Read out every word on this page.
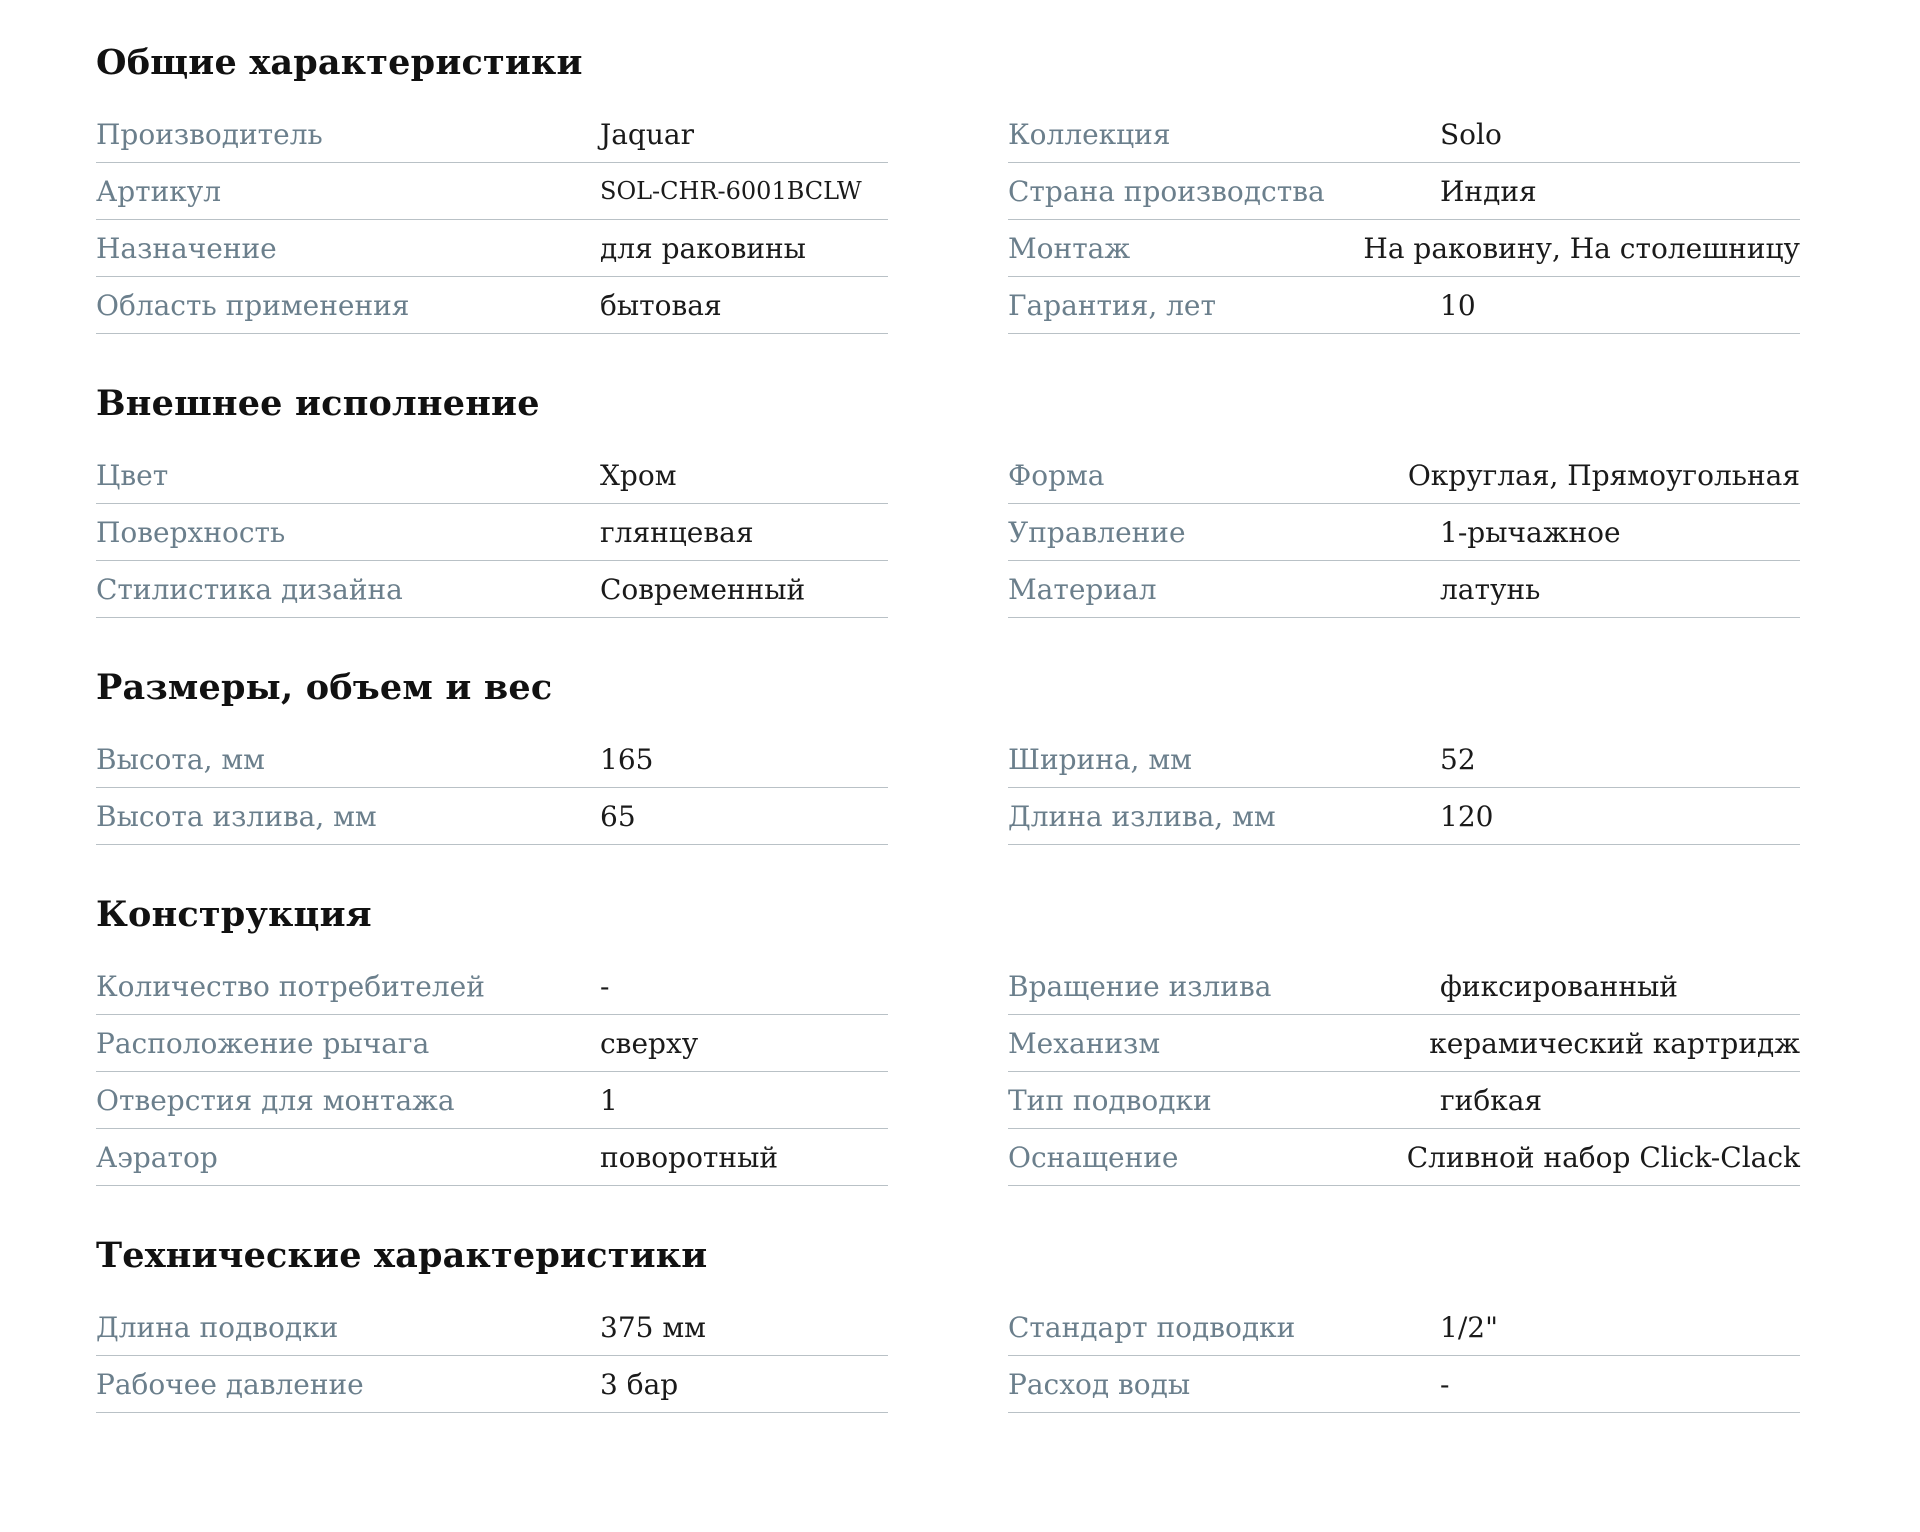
Общие характеристики
Производитель	Jaquar
Артикул	SOL-CHR-6001BCLW
Назначение	для раковины
Область применения	бытовая
Коллекция	Solo
Страна производства	Индия
Монтаж	На раковину, На столешницу
Гарантия, лет	10
Внешнее исполнение
Цвет	Хром
Поверхность	глянцевая
Стилистика дизайна	Современный
Форма	Округлая, Прямоугольная
Управление	1-рычажное
Материал	латунь
Размеры, объем и вес
Высота, мм	165
Высота излива, мм	65
Ширина, мм	52
Длина излива, мм	120
Конструкция
Количество потребителей	-
Расположение рычага	сверху
Отверстия для монтажа	1
Аэратор	поворотный
Вращение излива	фиксированный
Механизм	керамический картридж
Тип подводки	гибкая
Оснащение	Сливной набор Click-Clack
Технические характеристики
Длина подводки	375 мм
Рабочее давление	3 бар
Стандарт подводки	1/2"
Расход воды	-
